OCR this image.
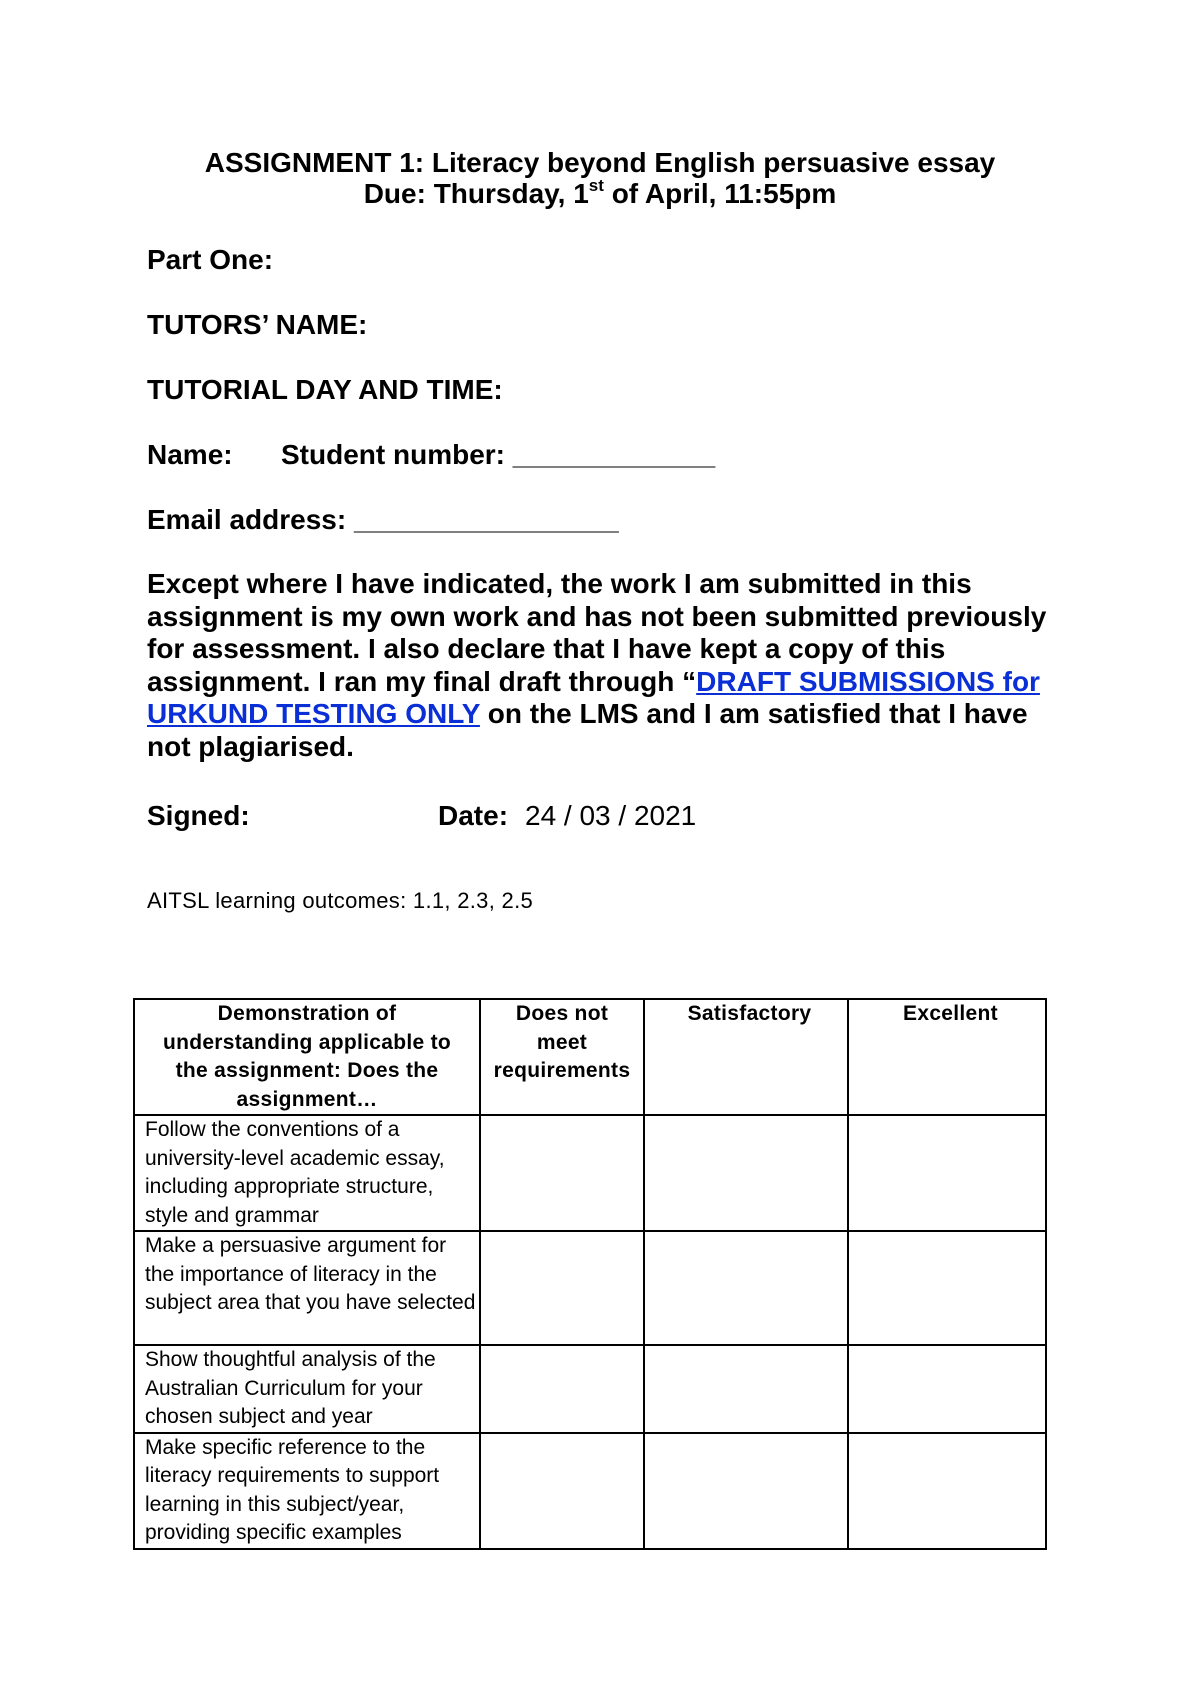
ASSIGNMENT 1: Literacy beyond English persuasive essay
Due: Thursday, 1st of April, 11:55pm
Part One:
TUTORS’ NAME:
TUTORIAL DAY AND TIME:
Name: Student number: _____________
Email address: _________________
Except where I have indicated, the work I am submitted in this assignment is my own work and has not been submitted previously for assessment. I also declare that I have kept a copy of this assignment. I ran my final draft through “DRAFT SUBMISSIONS for URKUND TESTING ONLY on the LMS and I am satisfied that I have not plagiarised.
Signed:	Date: 24 / 03 / 2021
AITSL learning outcomes: 1.1, 2.3, 2.5
Demonstration of understanding applicable to the assignment: Does the assignment…	Does not meet requirements	Satisfactory	Excellent
Follow the conventions of a university-level academic essay, including appropriate structure, style and grammar			
Make a persuasive argument for the importance of literacy in the subject area that you have selected			
Show thoughtful analysis of the Australian Curriculum for your chosen subject and year			
Make specific reference to the literacy requirements to support learning in this subject/year, providing specific examples			
